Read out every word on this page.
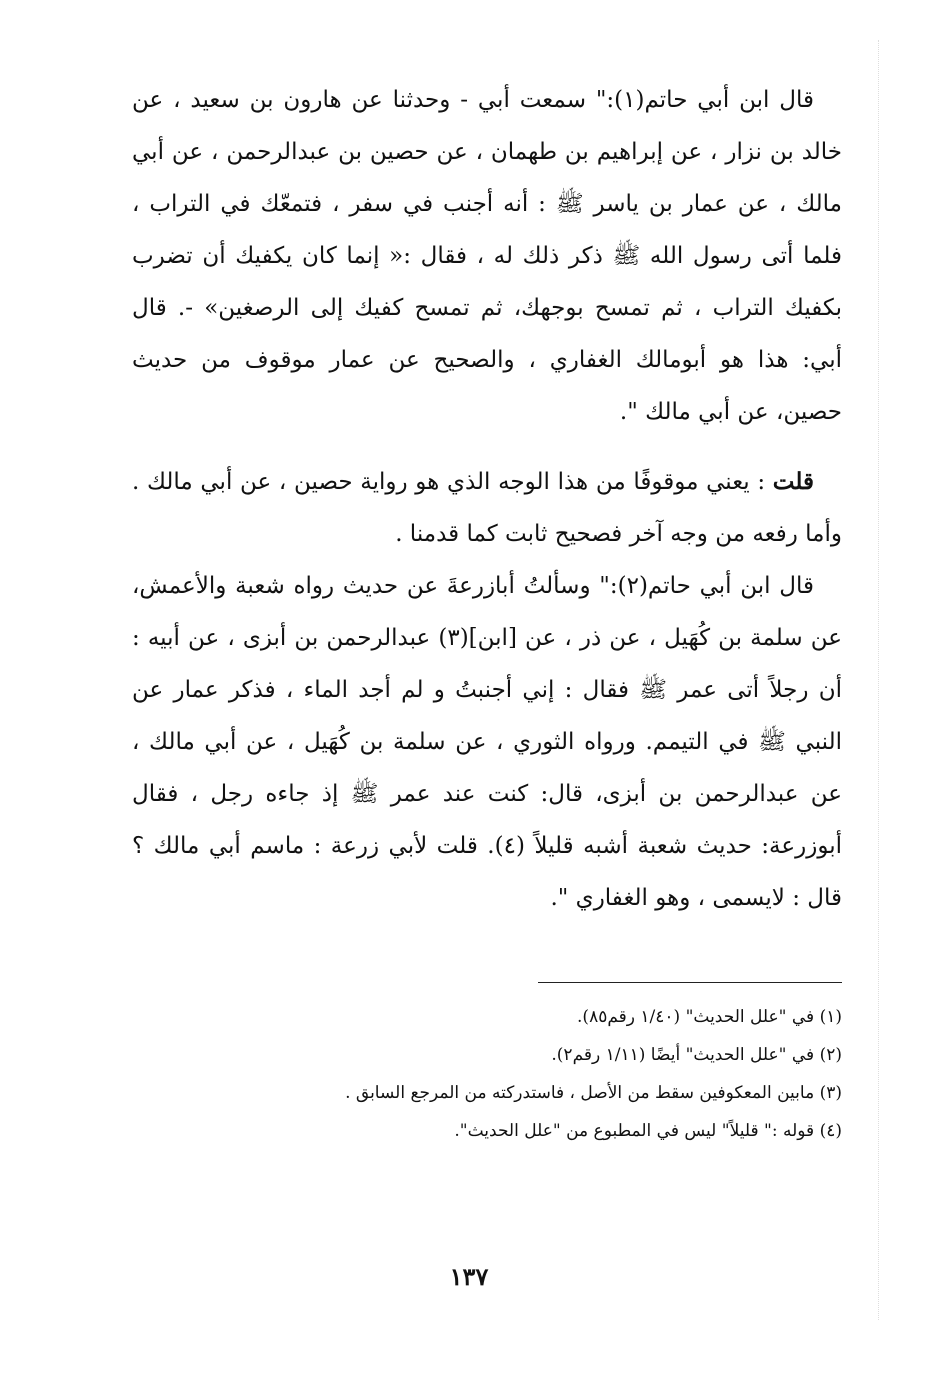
قال ابن أبي حاتم(١):" سمعت أبي - وحدثنا عن هارون بن سعيد ، عن خالد بن نزار ، عن إبراهيم بن طهمان ، عن حصين بن عبدالرحمن ، عن أبي مالك ، عن عمار بن ياسر ﷺ : أنه أجنب في سفر ، فتمعّك في التراب ، فلما أتى رسول الله ﷺ ذكر ذلك له ، فقال :« إنما كان يكفيك أن تضرب بكفيك التراب ، ثم تمسح بوجهك، ثم تمسح كفيك إلى الرصغين» -. قال أبي: هذا هو أبومالك الغفاري ، والصحيح عن عمار موقوف من حديث حصين، عن أبي مالك ".

قلت : يعني موقوفًا من هذا الوجه الذي هو رواية حصين ، عن أبي مالك . وأما رفعه من وجه آخر فصحيح ثابت كما قدمنا .

قال ابن أبي حاتم(٢):" وسألتُ أبازرعةَ عن حديث رواه شعبة والأعمش، عن سلمة بن كُهَيل ، عن ذر ، عن [ابن](٣) عبدالرحمن بن أبزى ، عن أبيه : أن رجلاً أتى عمر ﷺ فقال : إني أجنبتُ و لم أجد الماء ، فذكر عمار عن النبي ﷺ في التيمم. ورواه الثوري ، عن سلمة بن كُهَيل ، عن أبي مالك ، عن عبدالرحمن بن أبزى، قال: كنت عند عمر ﷺ إذ جاءه رجل ، فقال أبوزرعة: حديث شعبة أشبه قليلاً (٤). قلت لأبي زرعة : ماسم أبي مالك ؟ قال : لايسمى ، وهو الغفاري ".

(١) في "علل الحديث" (١/٤٠ رقم٨٥).

(٢) في "علل الحديث" أيضًا (١/١١ رقم٢).

(٣) مابين المعكوفين سقط من الأصل ، فاستدركته من المرجع السابق .

(٤) قوله :" قليلاً" ليس في المطبوع من "علل الحديث".

١٣٧
